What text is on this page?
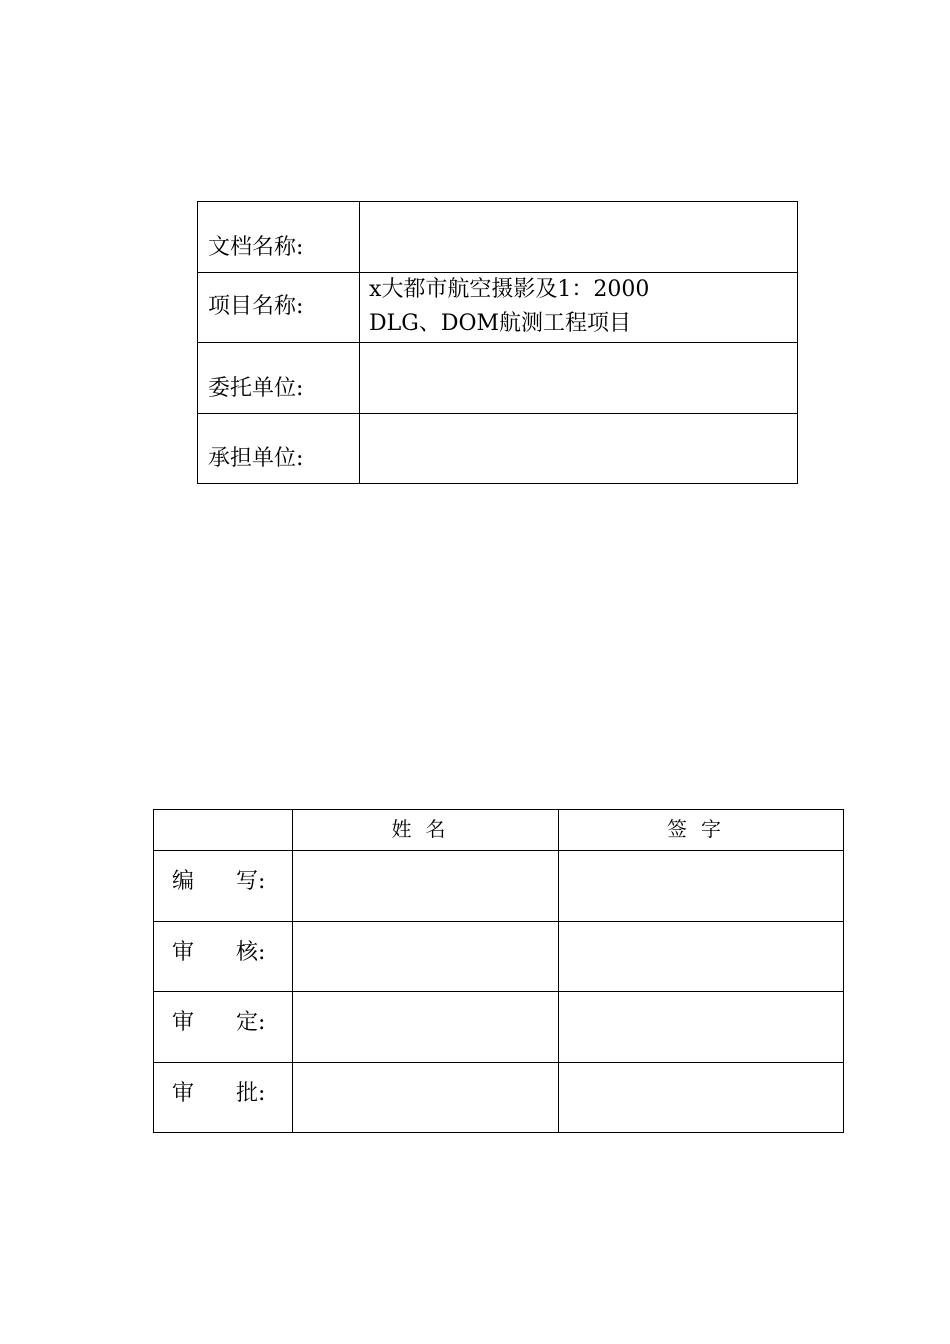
文档名称:	
项目名称:	x大都市航空摄影及1：2000
DLG、DOM航测工程项目

委托单位:	
承担单位:	
	姓名	签字
编 写:		
审 核:		
审 定:		
审 批:		
